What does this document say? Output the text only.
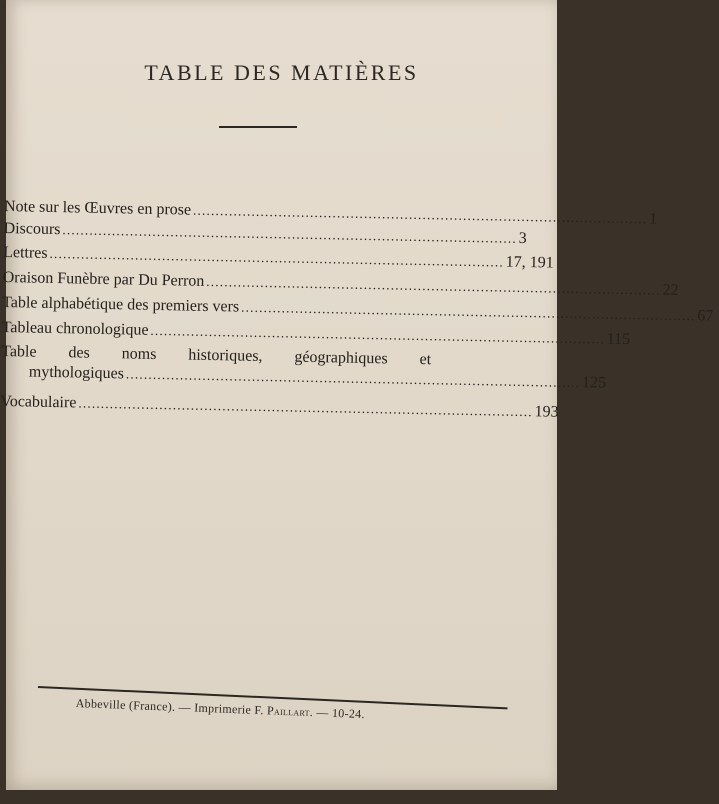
TABLE DES MATIÈRES
Note sur les Œuvres en prose
. . .
1
Discours
. . .
3
Lettres
. . .
17, 191
Oraison Funèbre par Du Perron
. . .
22
Table alphabétique des premiers vers
. . .
67
Tableau chronologique
. . .
115
Table des noms historiques, géographiques et
mythologiques
. . .
125
Vocabulaire
. . .
193
Abbeville (France). — Imprimerie F. Paillart. — 10-24.
